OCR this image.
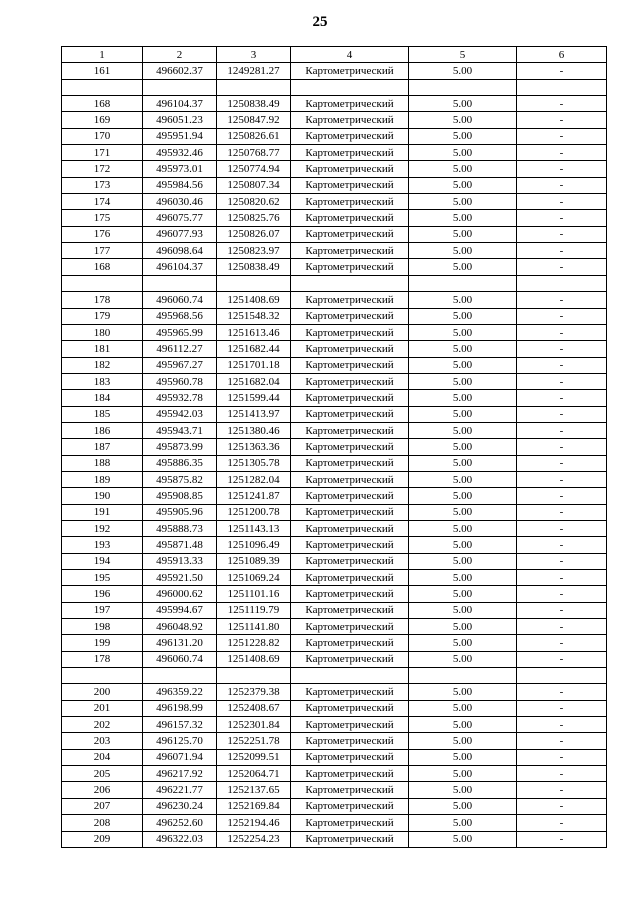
25
1	2	3	4	5	6
161	496602.37	1249281.27	Картометрический	5.00	-

168	496104.37	1250838.49	Картометрический	5.00	-
169	496051.23	1250847.92	Картометрический	5.00	-
170	495951.94	1250826.61	Картометрический	5.00	-
171	495932.46	1250768.77	Картометрический	5.00	-
172	495973.01	1250774.94	Картометрический	5.00	-
173	495984.56	1250807.34	Картометрический	5.00	-
174	496030.46	1250820.62	Картометрический	5.00	-
175	496075.77	1250825.76	Картометрический	5.00	-
176	496077.93	1250826.07	Картометрический	5.00	-
177	496098.64	1250823.97	Картометрический	5.00	-
168	496104.37	1250838.49	Картометрический	5.00	-

178	496060.74	1251408.69	Картометрический	5.00	-
179	495968.56	1251548.32	Картометрический	5.00	-
180	495965.99	1251613.46	Картометрический	5.00	-
181	496112.27	1251682.44	Картометрический	5.00	-
182	495967.27	1251701.18	Картометрический	5.00	-
183	495960.78	1251682.04	Картометрический	5.00	-
184	495932.78	1251599.44	Картометрический	5.00	-
185	495942.03	1251413.97	Картометрический	5.00	-
186	495943.71	1251380.46	Картометрический	5.00	-
187	495873.99	1251363.36	Картометрический	5.00	-
188	495886.35	1251305.78	Картометрический	5.00	-
189	495875.82	1251282.04	Картометрический	5.00	-
190	495908.85	1251241.87	Картометрический	5.00	-
191	495905.96	1251200.78	Картометрический	5.00	-
192	495888.73	1251143.13	Картометрический	5.00	-
193	495871.48	1251096.49	Картометрический	5.00	-
194	495913.33	1251089.39	Картометрический	5.00	-
195	495921.50	1251069.24	Картометрический	5.00	-
196	496000.62	1251101.16	Картометрический	5.00	-
197	495994.67	1251119.79	Картометрический	5.00	-
198	496048.92	1251141.80	Картометрический	5.00	-
199	496131.20	1251228.82	Картометрический	5.00	-
178	496060.74	1251408.69	Картометрический	5.00	-

200	496359.22	1252379.38	Картометрический	5.00	-
201	496198.99	1252408.67	Картометрический	5.00	-
202	496157.32	1252301.84	Картометрический	5.00	-
203	496125.70	1252251.78	Картометрический	5.00	-
204	496071.94	1252099.51	Картометрический	5.00	-
205	496217.92	1252064.71	Картометрический	5.00	-
206	496221.77	1252137.65	Картометрический	5.00	-
207	496230.24	1252169.84	Картометрический	5.00	-
208	496252.60	1252194.46	Картометрический	5.00	-
209	496322.03	1252254.23	Картометрический	5.00	-
